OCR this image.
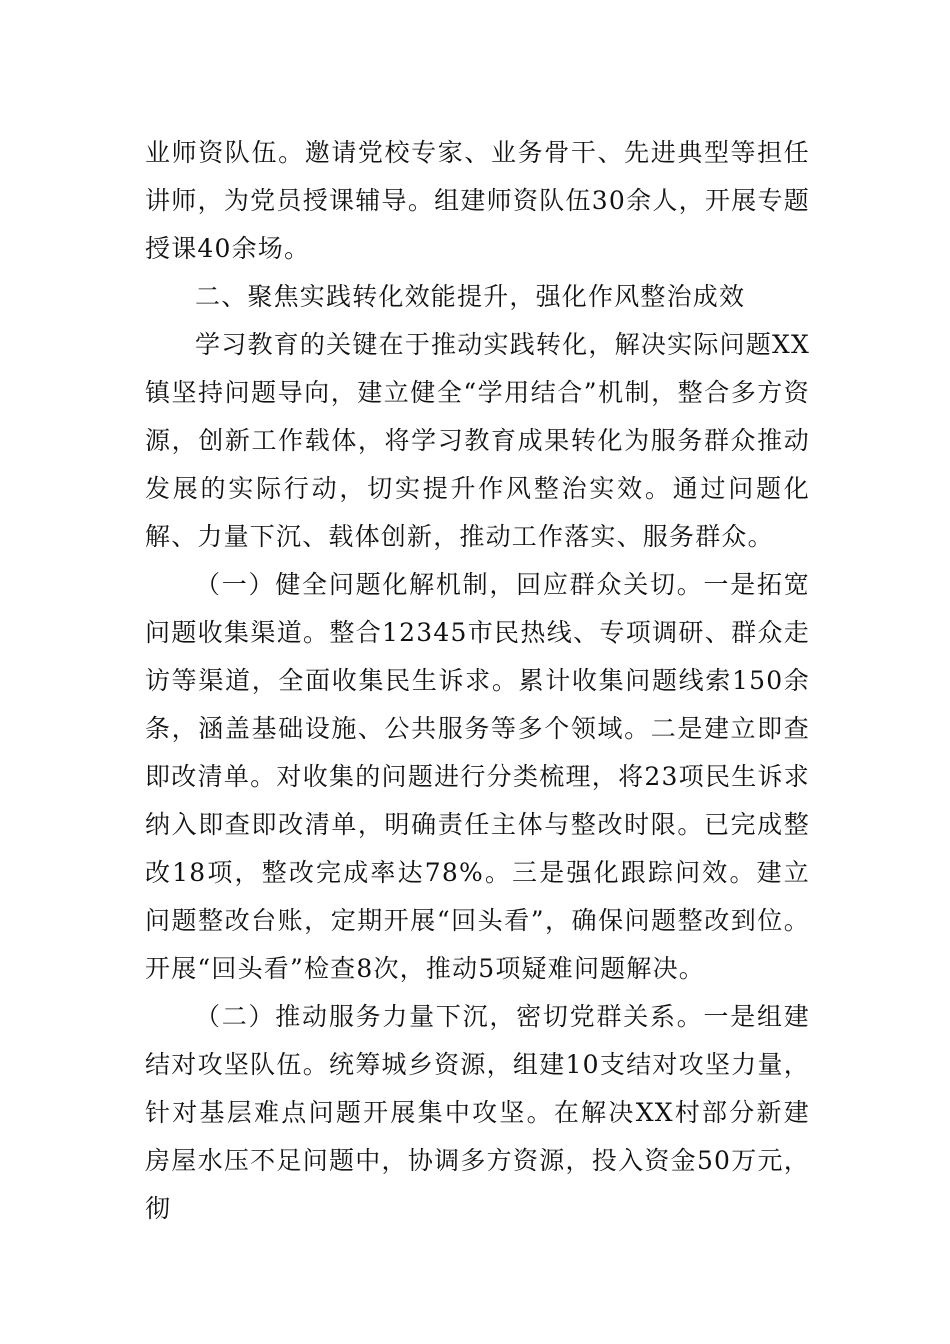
业师资队伍。邀请党校专家、业务骨干、先进典型等担任讲师，为党员授课辅导。组建师资队伍30余人，开展专题授课40余场。

二、聚焦实践转化效能提升，强化作风整治成效

学习教育的关键在于推动实践转化，解决实际问题XX镇坚持问题导向，建立健全“学用结合”机制，整合多方资源，创新工作载体，将学习教育成果转化为服务群众推动发展的实际行动，切实提升作风整治实效。通过问题化解、力量下沉、载体创新，推动工作落实、服务群众。

（一）健全问题化解机制，回应群众关切。一是拓宽问题收集渠道。整合12345市民热线、专项调研、群众走访等渠道，全面收集民生诉求。累计收集问题线索150余条，涵盖基础设施、公共服务等多个领域。二是建立即查即改清单。对收集的问题进行分类梳理，将23项民生诉求纳入即查即改清单，明确责任主体与整改时限。已完成整改18项，整改完成率达78%。三是强化跟踪问效。建立问题整改台账，定期开展“回头看”，确保问题整改到位。开展“回头看”检查8次，推动5项疑难问题解决。

（二）推动服务力量下沉，密切党群关系。一是组建结对攻坚队伍。统筹城乡资源，组建10支结对攻坚力量，针对基层难点问题开展集中攻坚。在解决XX村部分新建房屋水压不足问题中，协调多方资源，投入资金50万元，彻
